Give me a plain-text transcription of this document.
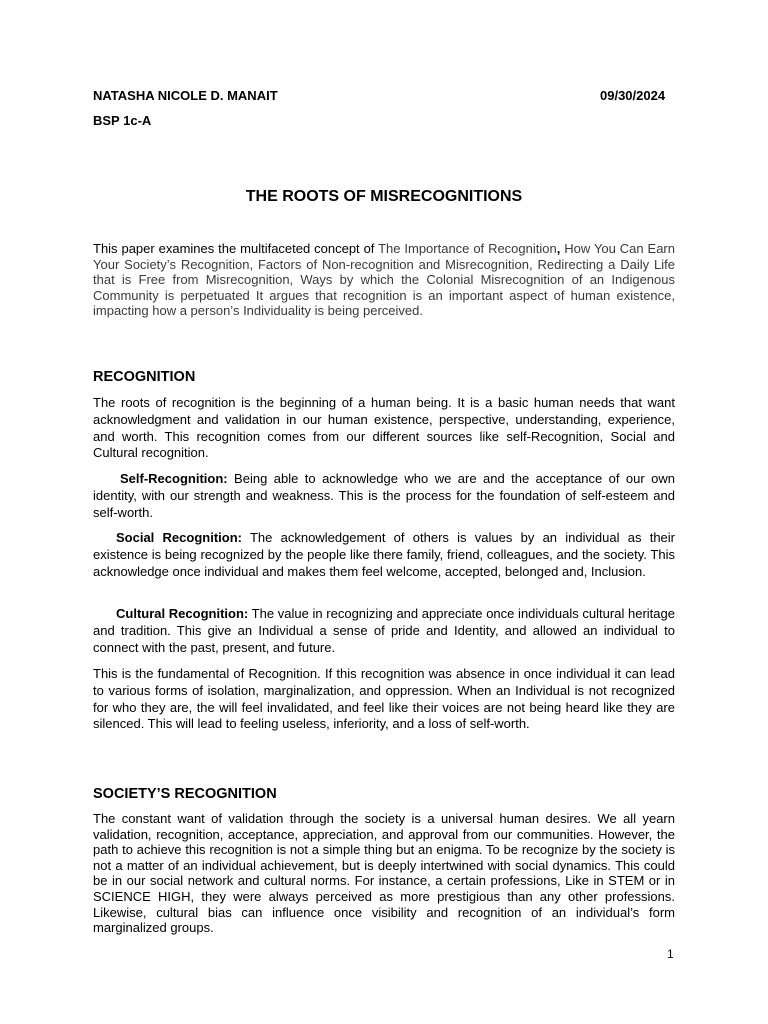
NATASHA NICOLE D. MANAIT	09/30/2024
BSP 1c-A
THE ROOTS OF MISRECOGNITIONS

This paper examines the multifaceted concept of The Importance of Recognition, How You Can Earn Your Society’s Recognition, Factors of Non-recognition and Misrecognition, Redirecting a Daily Life that is Free from Misrecognition, Ways by which the Colonial Misrecognition of an Indigenous Community is perpetuated It argues that recognition is an important aspect of human existence, impacting how a person’s Individuality is being perceived.

RECOGNITION

The roots of recognition is the beginning of a human being. It is a basic human needs that want acknowledgment and validation in our human existence, perspective, understanding, experience, and worth. This recognition comes from our different sources like self-Recognition, Social and Cultural recognition.

Self-Recognition: Being able to acknowledge who we are and the acceptance of our own identity, with our strength and weakness. This is the process for the foundation of self-esteem and self-worth.

Social Recognition: The acknowledgement of others is values by an individual as their existence is being recognized by the people like there family, friend, colleagues, and the society. This acknowledge once individual and makes them feel welcome, accepted, belonged and, Inclusion.

Cultural Recognition: The value in recognizing and appreciate once individuals cultural heritage and tradition. This give an Individual a sense of pride and Identity, and allowed an individual to connect with the past, present, and future.

This is the fundamental of Recognition. If this recognition was absence in once individual it can lead to various forms of isolation, marginalization, and oppression. When an Individual is not recognized for who they are, the will feel invalidated, and feel like their voices are not being heard like they are silenced. This will lead to feeling useless, inferiority, and a loss of self-worth.

SOCIETY’S RECOGNITION

The constant want of validation through the society is a universal human desires. We all yearn validation, recognition, acceptance, appreciation, and approval from our communities. However, the path to achieve this recognition is not a simple thing but an enigma. To be recognize by the society is not a matter of an individual achievement, but is deeply intertwined with social dynamics. This could be in our social network and cultural norms. For instance, a certain professions, Like in STEM or in SCIENCE HIGH, they were always perceived as more prestigious than any other professions. Likewise, cultural bias can influence once visibility and recognition of an individual’s form marginalized groups.

1
